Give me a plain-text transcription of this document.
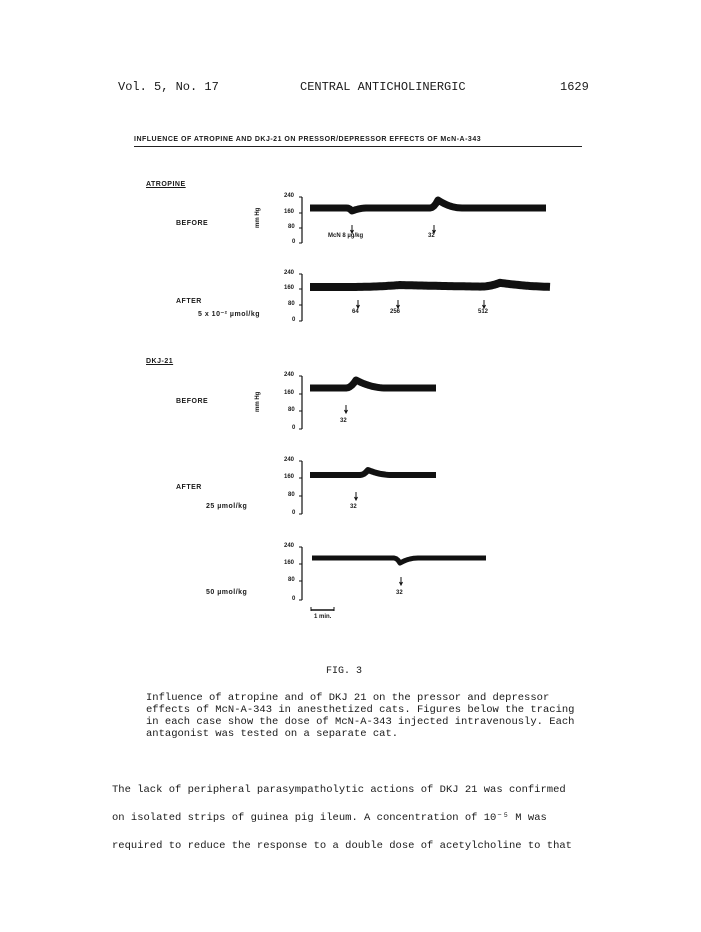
Vol. 5, No. 17	CENTRAL ANTICHOLINERGIC	1629
INFLUENCE OF ATROPINE AND DKJ-21 ON PRESSOR/DEPRESSOR EFFECTS OF McN-A-343
ATROPINE
DKJ-21
BEFORE
AFTER
5 x 10⁻² µmol/kg
BEFORE
AFTER
25 µmol/kg
50 µmol/kg
mm Hg
mm Hg
240
160
80
0
240
160
80
0
240
160
80
0
240
160
80
0
240
160
80
0
McN 8 µg/kg	32
64	256	512
32
32
32
1 min.
FIG. 3

Influence of atropine and of DKJ 21 on the pressor and depressor effects of McN-A-343 in anesthetized cats. Figures below the tracing in each case show the dose of McN-A-343 injected intravenously. Each antagonist was tested on a separate cat.

The lack of peripheral parasympatholytic actions of DKJ 21 was confirmed

on isolated strips of guinea pig ileum. A concentration of 10⁻⁵ M was

required to reduce the response to a double dose of acetylcholine to that
